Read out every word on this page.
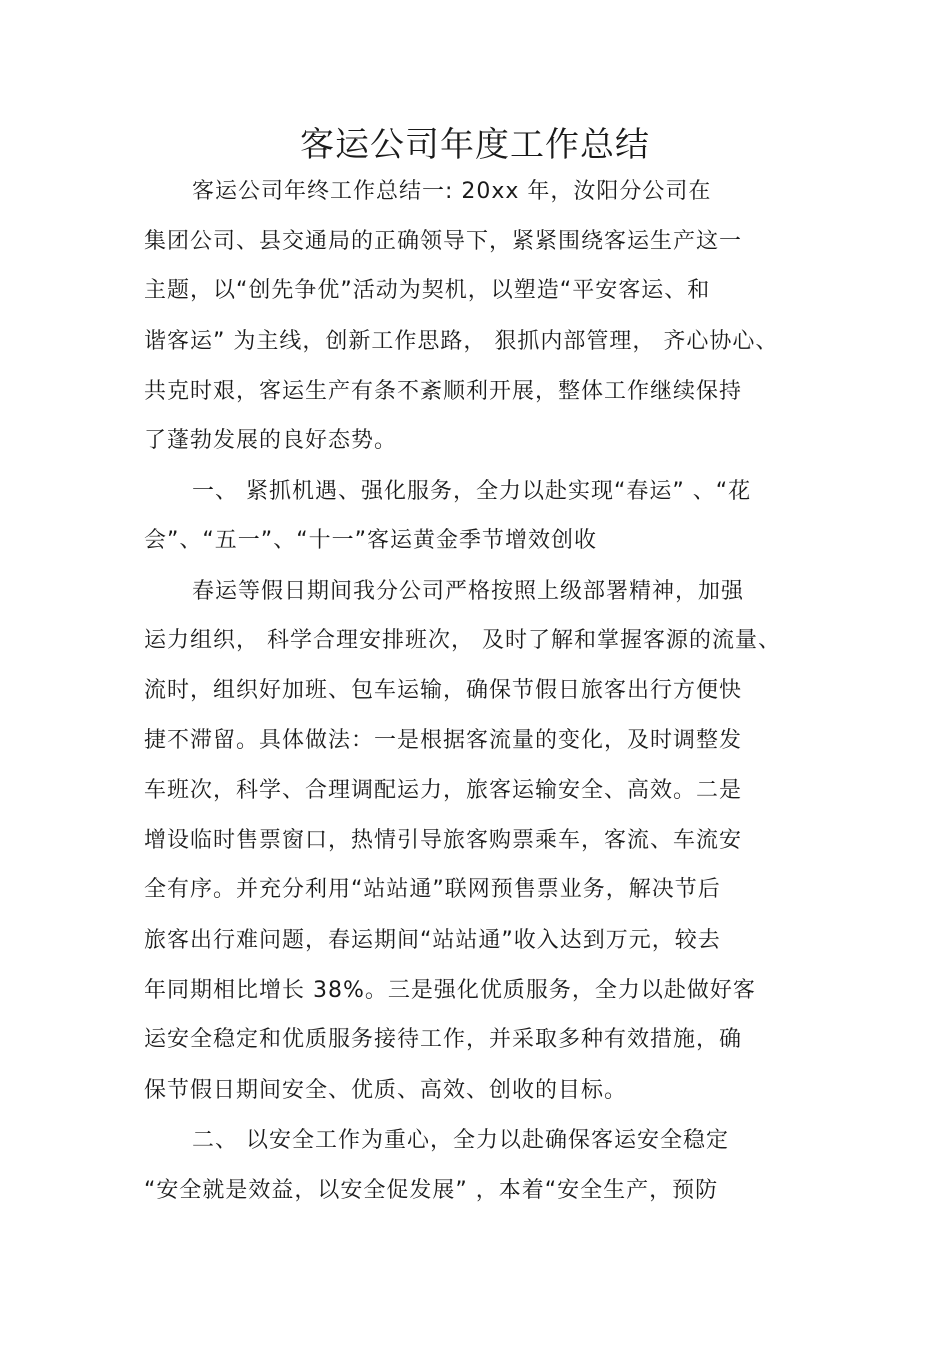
客运公司年度工作总结
客运公司年终工作总结一: 20xx 年，汝阳分公司在
集团公司、县交通局的正确领导下，紧紧围绕客运生产这一
主题，以“创先争优”活动为契机，以塑造“平安客运、和
谐客运” 为主线，创新工作思路， 狠抓内部管理， 齐心协心、
共克时艰，客运生产有条不紊顺利开展，整体工作继续保持
了蓬勃发展的良好态势。
一、 紧抓机遇、强化服务，全力以赴实现“春运” 、“花
会”、“五一”、“十一”客运黄金季节增效创收
春运等假日期间我分公司严格按照上级部署精神，加强
运力组织， 科学合理安排班次， 及时了解和掌握客源的流量、
流时，组织好加班、包车运输，确保节假日旅客出行方便快
捷不滞留。具体做法：一是根据客流量的变化，及时调整发
车班次，科学、合理调配运力，旅客运输安全、高效。二是
增设临时售票窗口，热情引导旅客购票乘车，客流、车流安
全有序。并充分利用“站站通”联网预售票业务，解决节后
旅客出行难问题，春运期间“站站通”收入达到万元，较去
年同期相比增长 38%。三是强化优质服务，全力以赴做好客
运安全稳定和优质服务接待工作，并采取多种有效措施，确
保节假日期间安全、优质、高效、创收的目标。
二、 以安全工作为重心，全力以赴确保客运安全稳定
“安全就是效益，以安全促发展” ，本着“安全生产，预防
